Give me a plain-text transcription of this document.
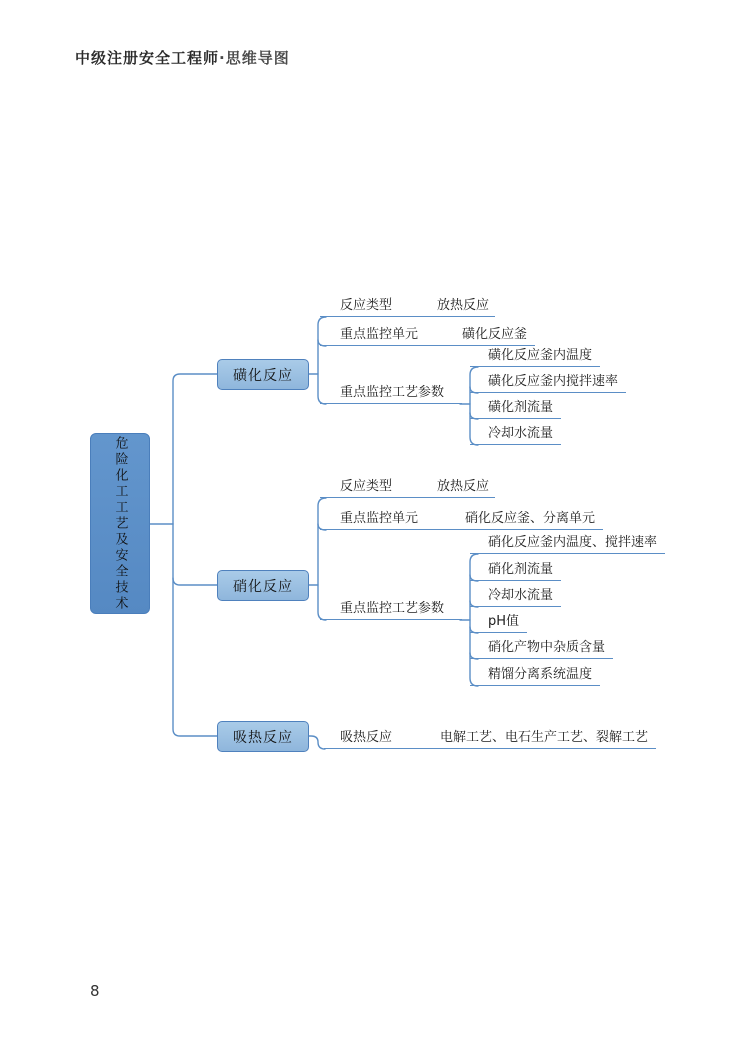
中级注册安全工程师·思维导图
危险化工工艺及安全技术
磺化反应
硝化反应
吸热反应
反应类型	放热反应
重点监控单元	磺化反应釜
重点监控工艺参数
磺化反应釜内温度
磺化反应釜内搅拌速率
磺化剂流量
冷却水流量
反应类型	放热反应
重点监控单元	硝化反应釜、分离单元
重点监控工艺参数
硝化反应釜内温度、搅拌速率
硝化剂流量
冷却水流量
pH值
硝化产物中杂质含量
精馏分离系统温度
吸热反应	电解工艺、电石生产工艺、裂解工艺
8
